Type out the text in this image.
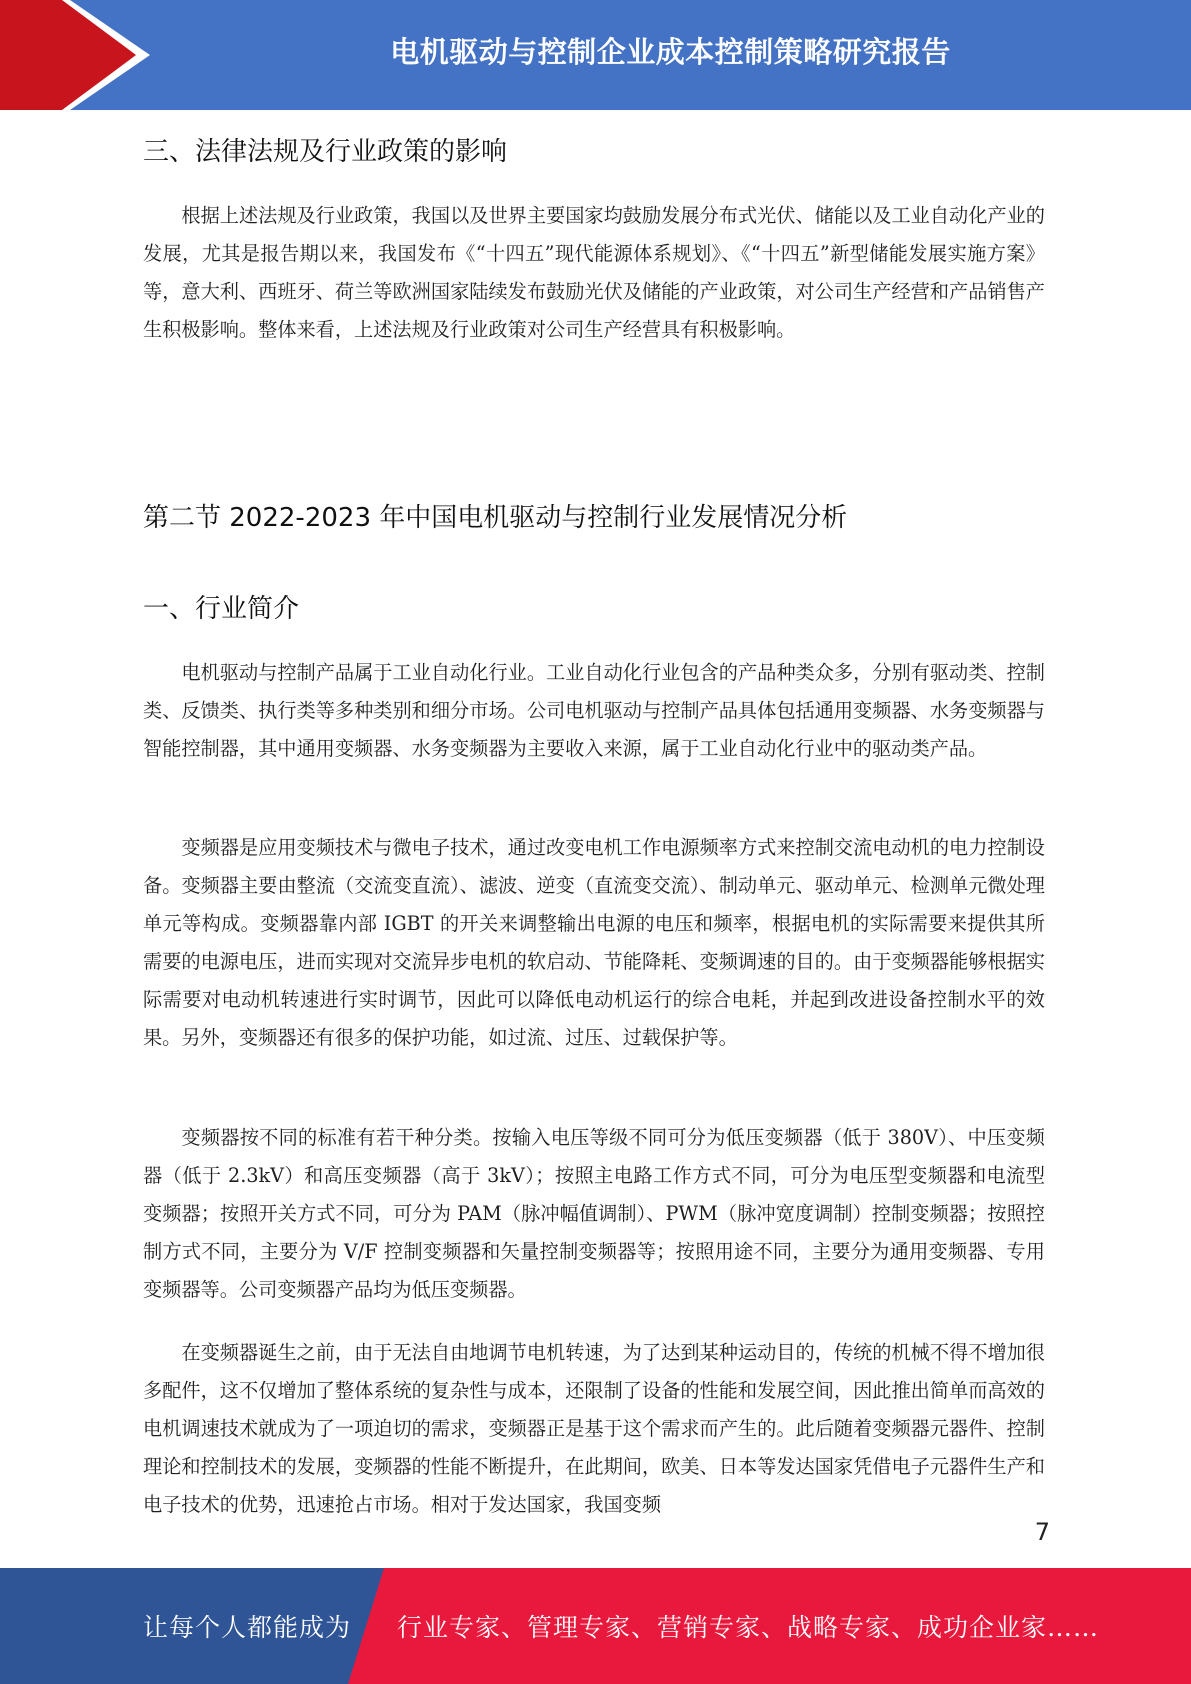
电机驱动与控制企业成本控制策略研究报告
三、法律法规及行业政策的影响

根据上述法规及行业政策，我国以及世界主要国家均鼓励发展分布式光伏、储能以及工业自动化产业的发展，尤其是报告期以来，我国发布《“十四五”现代能源体系规划》、《“十四五”新型储能发展实施方案》等，意大利、西班牙、荷兰等欧洲国家陆续发布鼓励光伏及储能的产业政策，对公司生产经营和产品销售产生积极影响。整体来看，上述法规及行业政策对公司生产经营具有积极影响。

第二节 2022-2023 年中国电机驱动与控制行业发展情况分析
一、行业简介

电机驱动与控制产品属于工业自动化行业。工业自动化行业包含的产品种类众多，分别有驱动类、控制类、反馈类、执行类等多种类别和细分市场。公司电机驱动与控制产品具体包括通用变频器、水务变频器与智能控制器，其中通用变频器、水务变频器为主要收入来源，属于工业自动化行业中的驱动类产品。

变频器是应用变频技术与微电子技术，通过改变电机工作电源频率方式来控制交流电动机的电力控制设备。变频器主要由整流（交流变直流）、滤波、逆变（直流变交流）、制动单元、驱动单元、检测单元微处理单元等构成。变频器靠内部 IGBT 的开关来调整输出电源的电压和频率，根据电机的实际需要来提供其所需要的电源电压，进而实现对交流异步电机的软启动、节能降耗、变频调速的目的。由于变频器能够根据实际需要对电动机转速进行实时调节，因此可以降低电动机运行的综合电耗，并起到改进设备控制水平的效果。另外，变频器还有很多的保护功能，如过流、过压、过载保护等。

变频器按不同的标准有若干种分类。按输入电压等级不同可分为低压变频器（低于 380V）、中压变频器（低于 2.3kV）和高压变频器（高于 3kV）；按照主电路工作方式不同，可分为电压型变频器和电流型变频器；按照开关方式不同，可分为 PAM（脉冲幅值调制）、PWM（脉冲宽度调制）控制变频器；按照控制方式不同，主要分为 V/F 控制变频器和矢量控制变频器等；按照用途不同，主要分为通用变频器、专用变频器等。公司变频器产品均为低压变频器。

在变频器诞生之前，由于无法自由地调节电机转速，为了达到某种运动目的，传统的机械不得不增加很多配件，这不仅增加了整体系统的复杂性与成本，还限制了设备的性能和发展空间，因此推出简单而高效的电机调速技术就成为了一项迫切的需求，变频器正是基于这个需求而产生的。此后随着变频器元器件、控制理论和控制技术的发展，变频器的性能不断提升，在此期间，欧美、日本等发达国家凭借电子元器件生产和电子技术的优势，迅速抢占市场。相对于发达国家，我国变频

7
让每个人都能成为 行业专家、管理专家、营销专家、战略专家、成功企业家……
